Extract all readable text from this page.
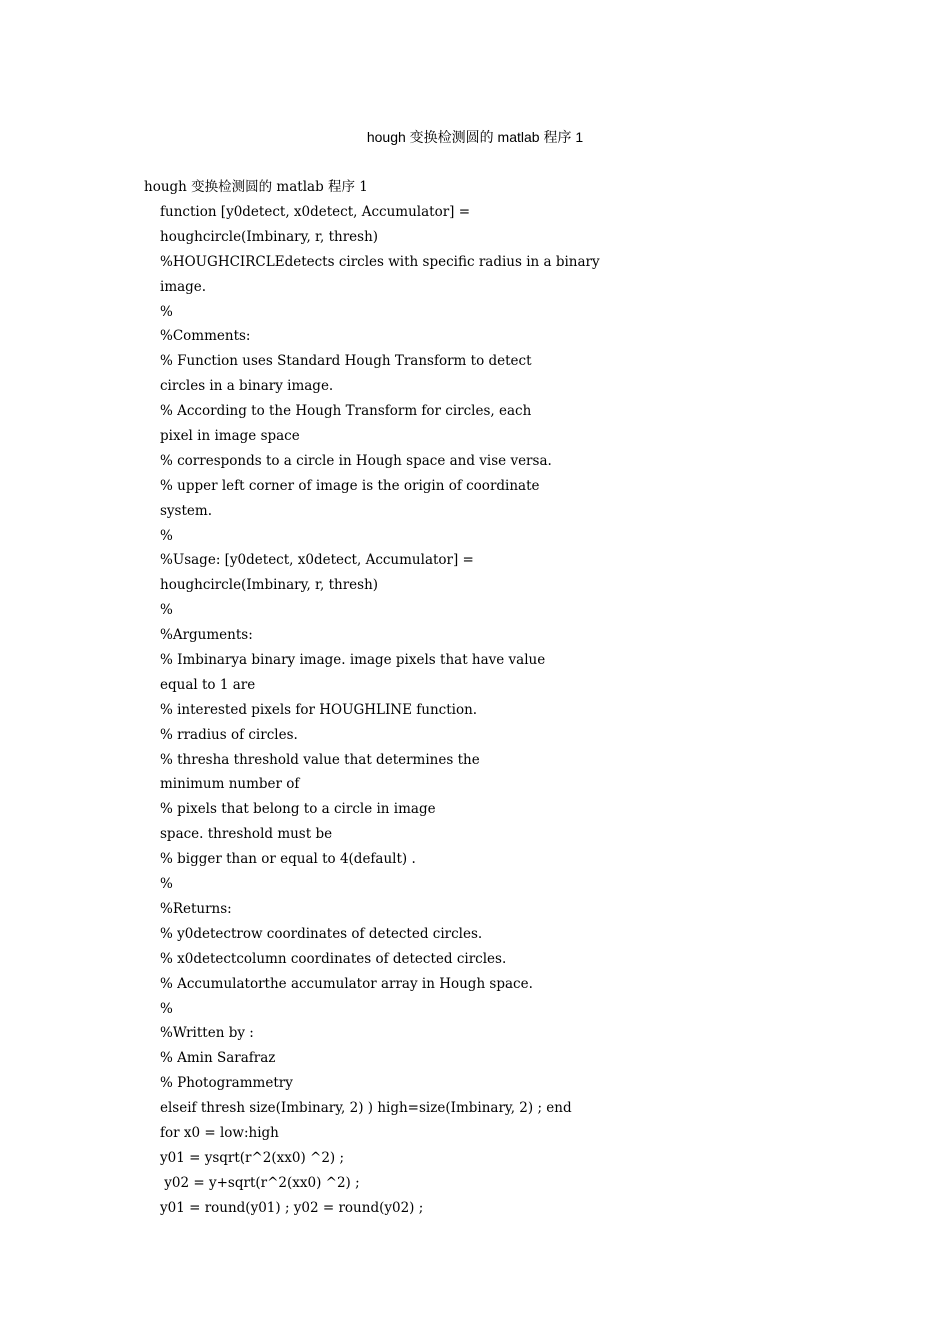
hough 变换检测圆的 matlab 程序 1
hough 变换检测圆的 matlab 程序 1
function [y0detect, x0detect, Accumulator] =
houghcircle(Imbinary, r, thresh)
%HOUGHCIRCLEdetects circles with specific radius in a binary
image.
%
%Comments:
% Function uses Standard Hough Transform to detect
circles in a binary image.
% According to the Hough Transform for circles, each
pixel in image space
% corresponds to a circle in Hough space and vise versa.
% upper left corner of image is the origin of coordinate
system.
%
%Usage: [y0detect, x0detect, Accumulator] =
houghcircle(Imbinary, r, thresh)
%
%Arguments:
% Imbinarya binary image. image pixels that have value
equal to 1 are
% interested pixels for HOUGHLINE function.
% rradius of circles.
% thresha threshold value that determines the
minimum number of
% pixels that belong to a circle in image
space. threshold must be
% bigger than or equal to 4(default) .
%
%Returns:
% y0detectrow coordinates of detected circles.
% x0detectcolumn coordinates of detected circles.
% Accumulatorthe accumulator array in Hough space.
%
%Written by :
% Amin Sarafraz
% Photogrammetry
elseif thresh size(Imbinary, 2) ) high=size(Imbinary, 2) ; end
for x0 = low:high
y01 = ysqrt(r^2(xx0) ^2) ;
y02 = y+sqrt(r^2(xx0) ^2) ;
y01 = round(y01) ; y02 = round(y02) ;
